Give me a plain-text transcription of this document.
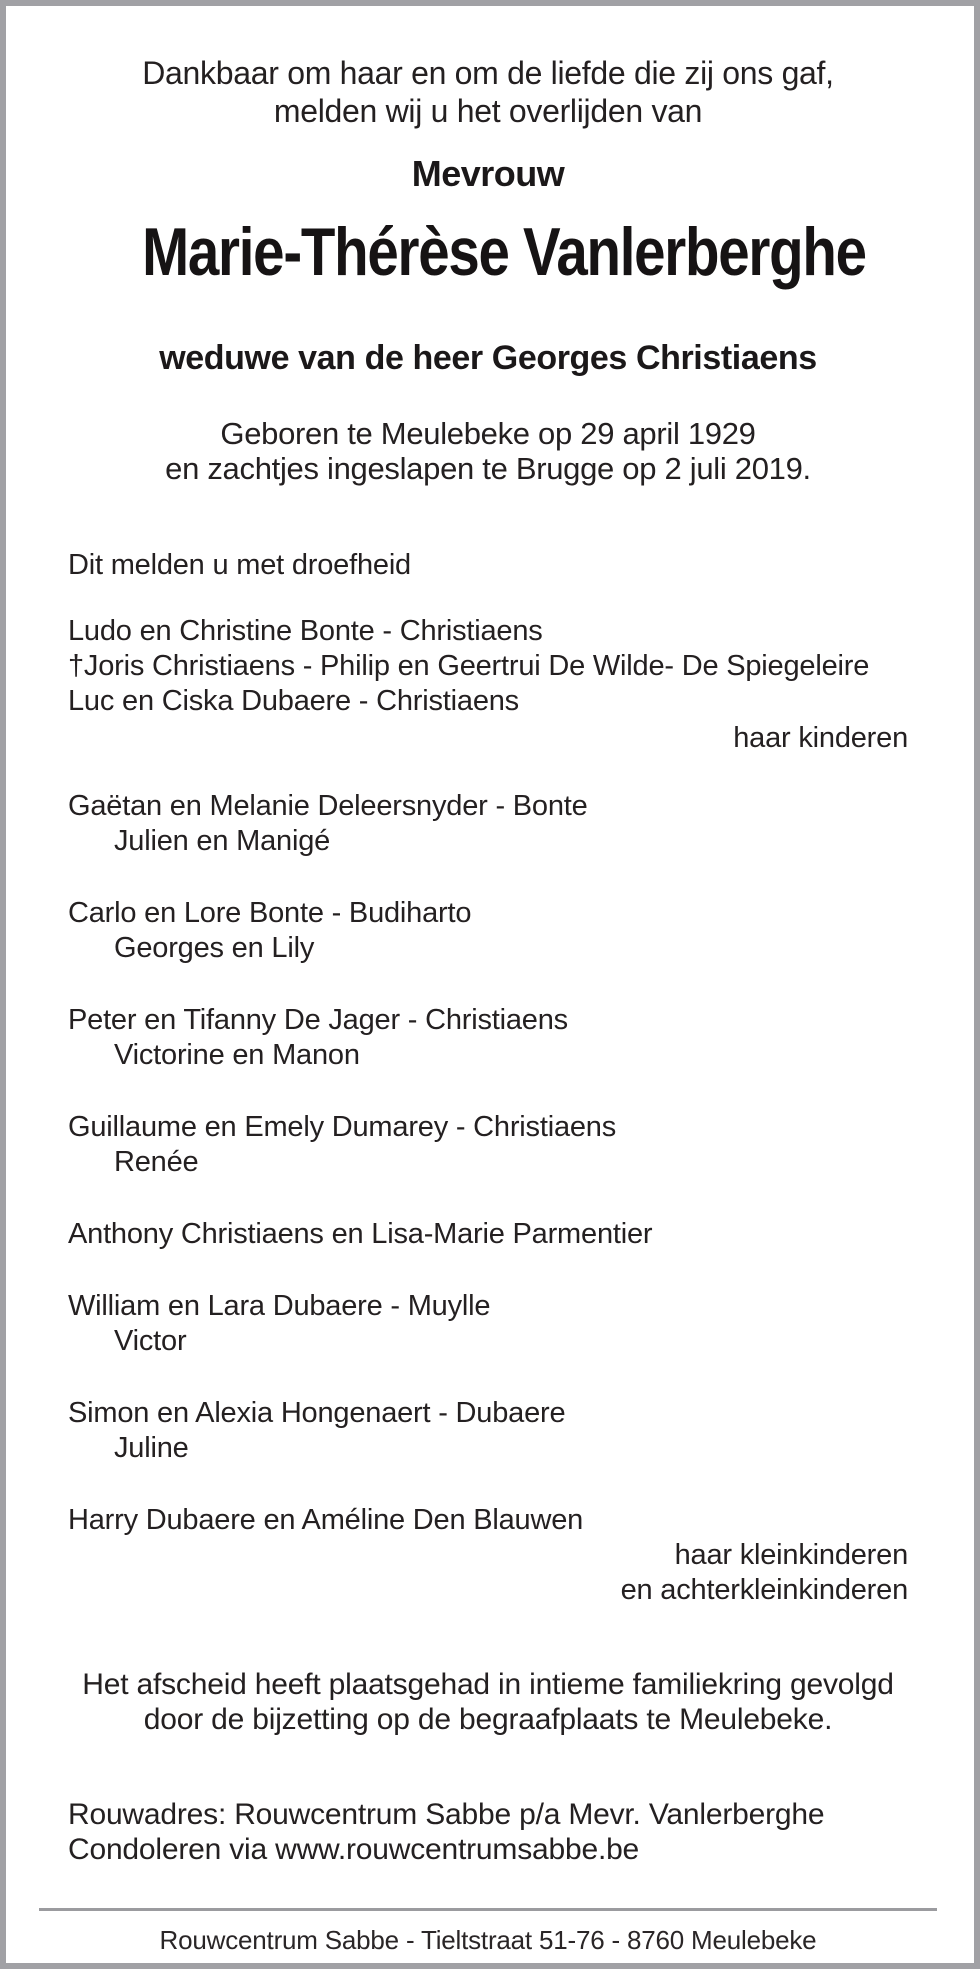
Dankbaar om haar en om de liefde die zij ons gaf,
melden wij u het overlijden van
Mevrouw
Marie-Thérèse Vanlerberghe
weduwe van de heer Georges Christiaens
Geboren te Meulebeke op 29 april 1929
en zachtjes ingeslapen te Brugge op 2 juli 2019.
Dit melden u met droefheid
Ludo en Christine Bonte - Christiaens
†Joris Christiaens - Philip en Geertrui De Wilde- De Spiegeleire
Luc en Ciska Dubaere - Christiaens
haar kinderen
Gaëtan en Melanie Deleersnyder - Bonte
Julien en Manigé
Carlo en Lore Bonte - Budiharto
Georges en Lily
Peter en Tifanny De Jager - Christiaens
Victorine en Manon
Guillaume en Emely Dumarey - Christiaens
Renée
Anthony Christiaens en Lisa-Marie Parmentier
William en Lara Dubaere - Muylle
Victor
Simon en Alexia Hongenaert - Dubaere
Juline
Harry Dubaere en Améline Den Blauwen
haar kleinkinderen
en achterkleinkinderen
Het afscheid heeft plaatsgehad in intieme familiekring gevolgd
door de bijzetting op de begraafplaats te Meulebeke.
Rouwadres: Rouwcentrum Sabbe p/a Mevr. Vanlerberghe
Condoleren via www.rouwcentrumsabbe.be
Rouwcentrum Sabbe - Tieltstraat 51-76 - 8760 Meulebeke
